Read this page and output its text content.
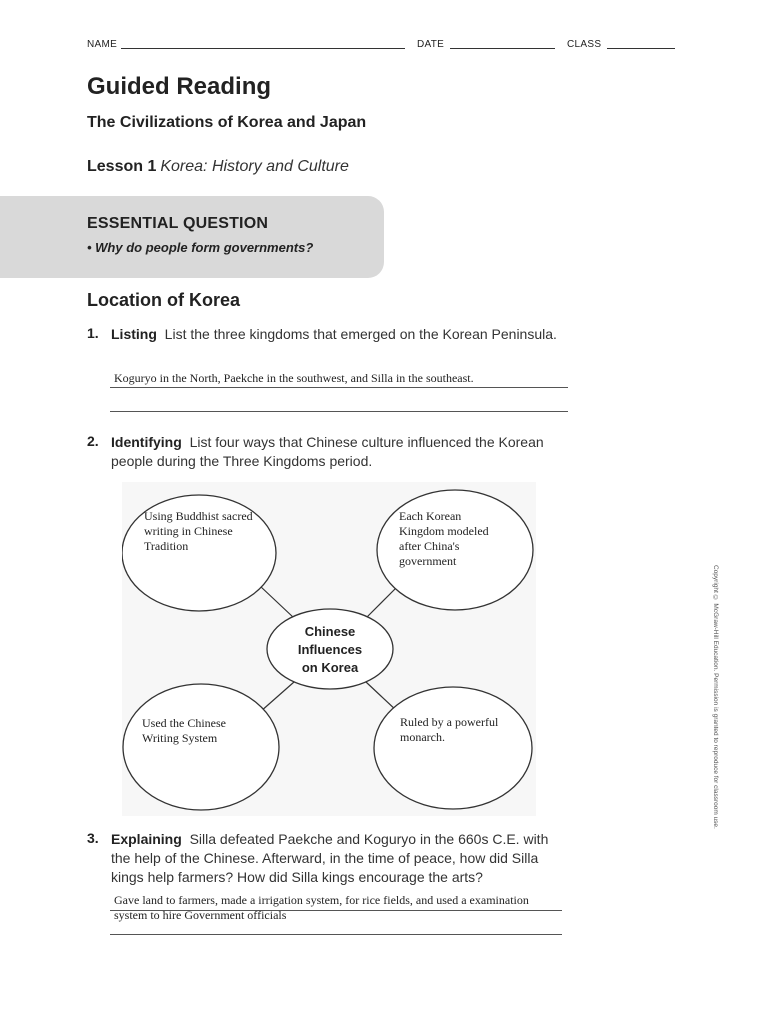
NAME	DATE	CLASS
Guided Reading
The Civilizations of Korea and Japan
Lesson 1 Korea: History and Culture
ESSENTIAL QUESTION
• Why do people form governments?
Location of Korea
1. Listing List the three kingdoms that emerged on the Korean Peninsula.
Koguryo in the North, Paekche in the southwest, and Silla in the southeast.
2. Identifying List four ways that Chinese culture influenced the Korean people during the Three Kingdoms period.
Chinese
Influences
on Korea
Using Buddhist sacred
writing in Chinese
Tradition
Each Korean
Kingdom modeled
after China's
government
Used the Chinese
Writing System
Ruled by a powerful
monarch.
3. Explaining Silla defeated Paekche and Koguryo in the 660s C.E. with the help of the Chinese. Afterward, in the time of peace, how did Silla kings help farmers? How did Silla kings encourage the arts?
Gave land to farmers, made a irrigation system, for rice fields, and used a examination
system to hire Government officials
Copyright © McGraw-Hill Education. Permission is granted to reproduce for classroom use.
